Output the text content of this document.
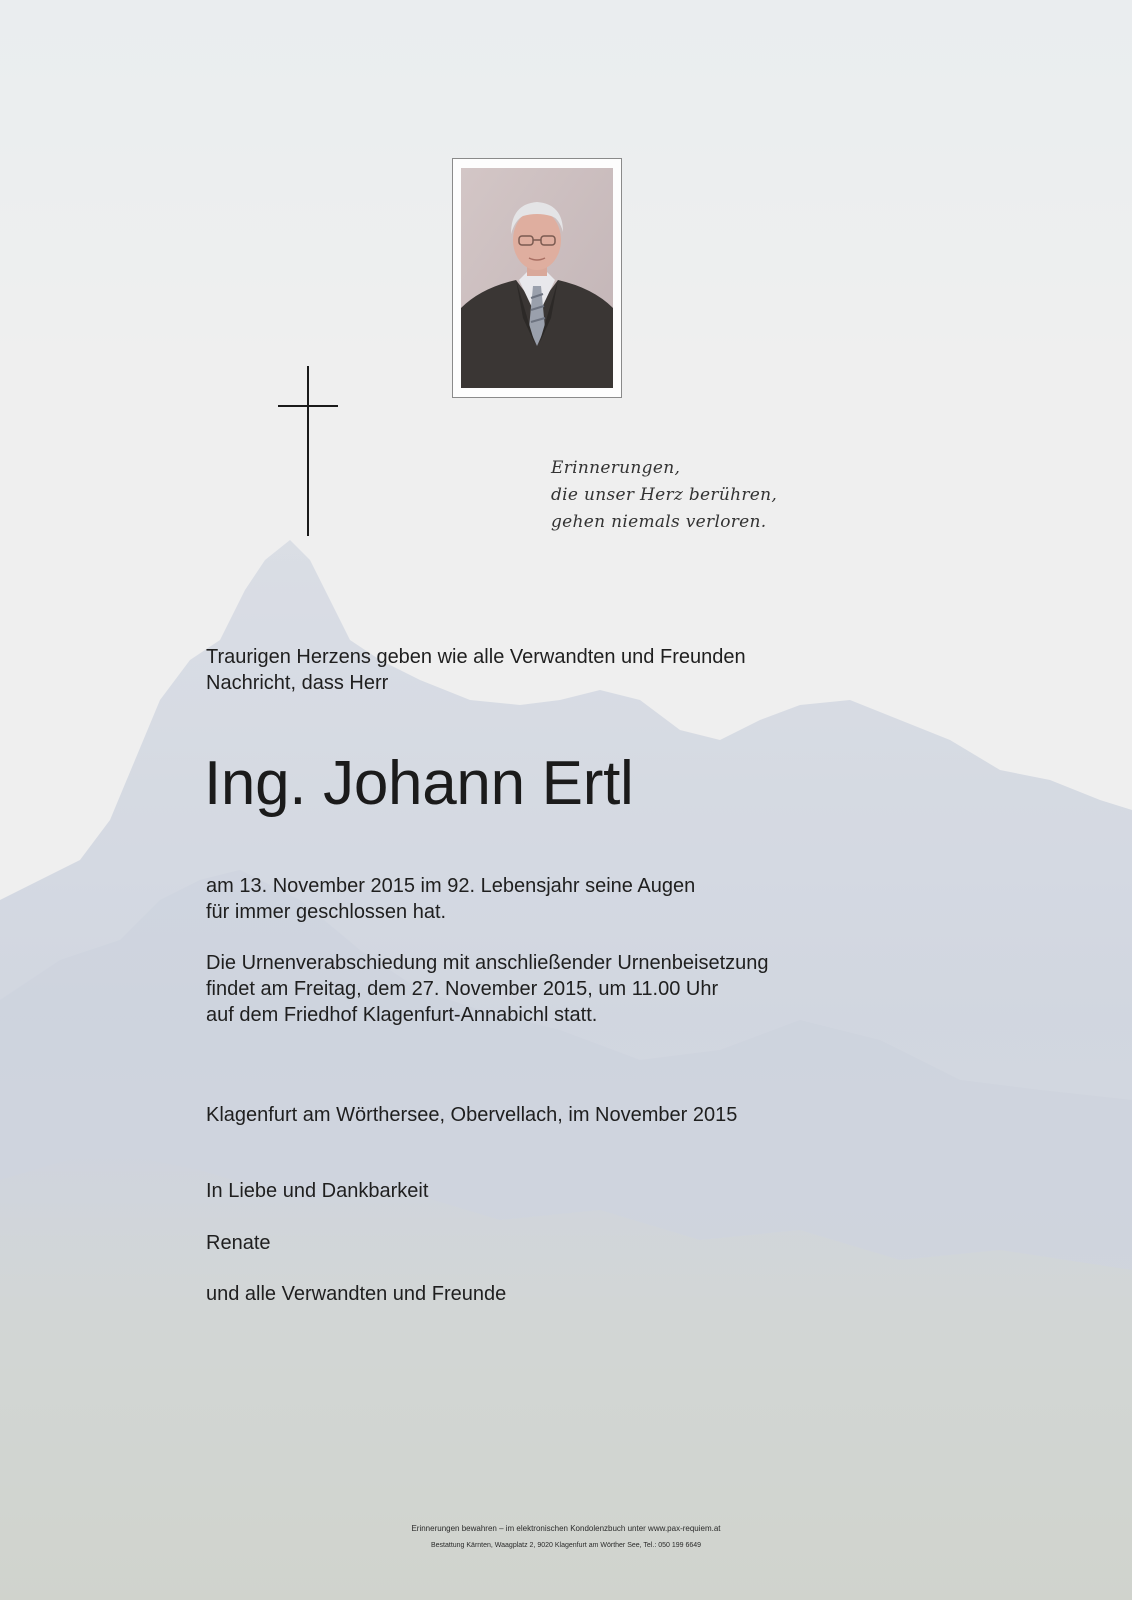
Erinnerungen,
die unser Herz berühren,
gehen niemals verloren.
Traurigen Herzens geben wie alle Verwandten und Freunden
Nachricht, dass Herr
Ing. Johann Ertl
am 13. November 2015 im 92. Lebensjahr seine Augen
für immer geschlossen hat.
Die Urnenverabschiedung mit anschließender Urnenbeisetzung
findet am Freitag, dem 27. November 2015, um 11.00 Uhr
auf dem Friedhof Klagenfurt-Annabichl statt.
Klagenfurt am Wörthersee, Obervellach, im November 2015
In Liebe und Dankbarkeit
Renate
und alle Verwandten und Freunde
Erinnerungen bewahren – im elektronischen Kondolenzbuch unter www.pax-requiem.at
Bestattung Kärnten, Waagplatz 2, 9020 Klagenfurt am Wörther See, Tel.: 050 199 6649
